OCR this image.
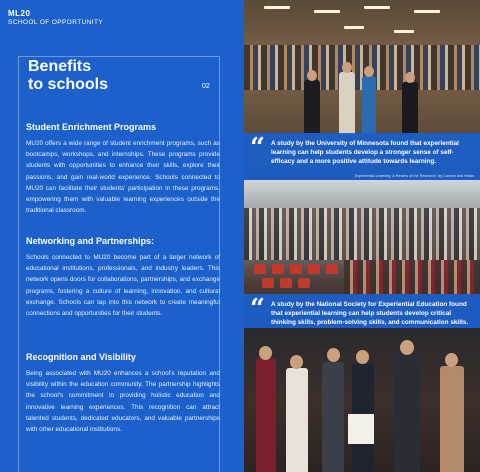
ML20
SCHOOL OF OPPORTUNITY
Benefits
to schools	02
Student Enrichment Programs

MU20 offers a wide range of student enrichment programs, such as bootcamps, workshops, and internships. These programs provide students with opportunities to enhance their skills, explore their passions, and gain real-world experience. Schools connected to MU20 can facilitate their students' participation in these programs, empowering them with valuable learning experiences outside the traditional classroom.

Networking and Partnerships:

Schools connected to MU20 become part of a larger network of educational institutions, professionals, and industry leaders. This network opens doors for collaborations, partnerships, and exchange programs, fostering a culture of learning, innovation, and cultural exchange. Schools can tap into this network to create meaningful connections and opportunities for their students.

Recognition and Visibility

Being associated with MU20 enhances a school's reputation and visibility within the education community. The partnership highlights the school's commitment to providing holistic education and innovative learning experiences. This recognition can attract talented students, dedicated educators, and valuable partnerships with other educational institutions.

“ A study by the University of Minnesota found that experiential learning can help students develop a stronger sense of self-efficacy and a more positive attitude towards learning.
Experiential Learning: A Review of the Research, by Conrad and Hedin
“ A study by the National Society for Experiential Education found that experiential learning can help students develop critical thinking skills, problem-solving skills, and communication skills.
